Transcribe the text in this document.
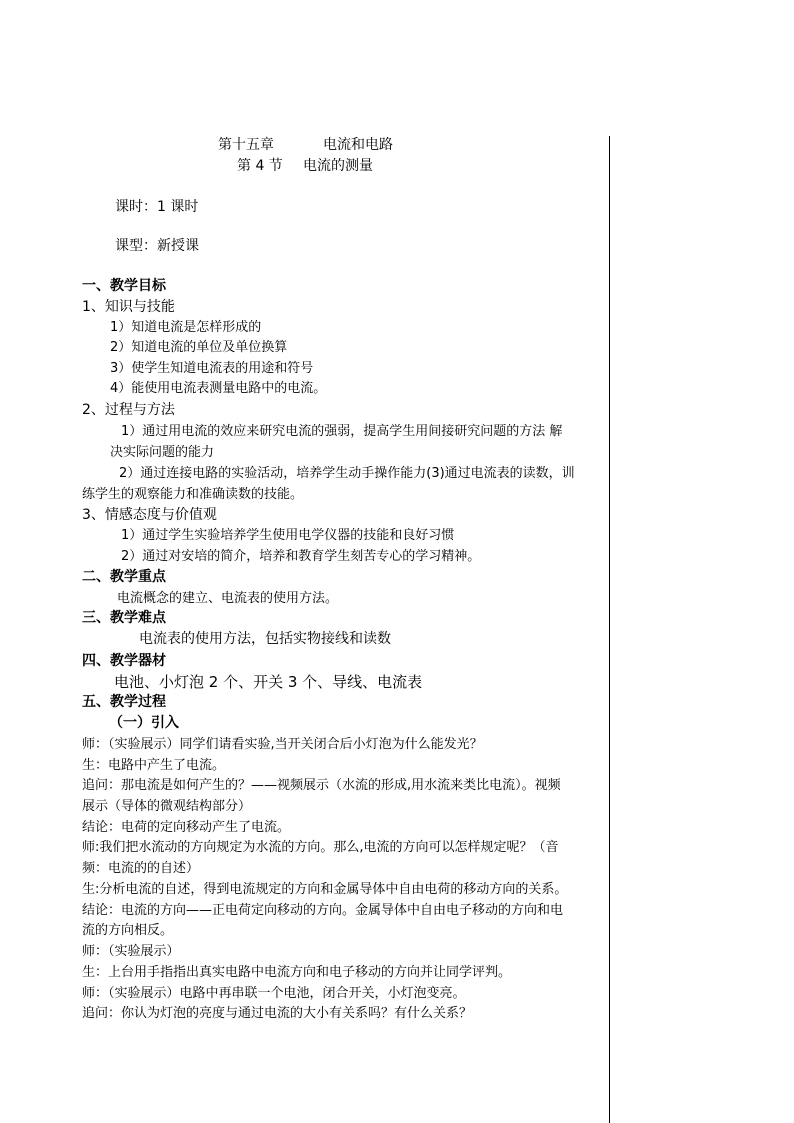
第十五章	电流和电路
第 4 节 电流的测量
课时：1 课时
课型：新授课
一、教学目标
1、知识与技能
1）知道电流是怎样形成的
2）知道电流的单位及单位换算
3）使学生知道电流表的用途和符号
4）能使用电流表测量电路中的电流。
2、过程与方法
1）通过用电流的效应来研究电流的强弱，提高学生用间接研究问题的方法 解
决实际问题的能力
2）通过连接电路的实验活动，培养学生动手操作能力(3)通过电流表的读数，训
练学生的观察能力和准确读数的技能。
3、情感态度与价值观
1）通过学生实验培养学生使用电学仪器的技能和良好习惯
2）通过对安培的简介，培养和教育学生刻苦专心的学习精神。
二、教学重点
电流概念的建立、电流表的使用方法。
三、教学难点
电流表的使用方法，包括实物接线和读数
四、教学器材
电池、小灯泡 2 个、开关 3 个、导线、电流表
五、教学过程
（一）引入
师：（实验展示）同学们请看实验,当开关闭合后小灯泡为什么能发光？
生：电路中产生了电流。
追问：那电流是如何产生的？——视频展示（水流的形成,用水流来类比电流）。视频
展示（导体的微观结构部分）
结论：电荷的定向移动产生了电流。
师:我们把水流动的方向规定为水流的方向。那么,电流的方向可以怎样规定呢？（音
频：电流的的自述）
生:分析电流的自述，得到电流规定的方向和金属导体中自由电荷的移动方向的关系。
结论：电流的方向——正电荷定向移动的方向。金属导体中自由电子移动的方向和电
流的方向相反。
师：（实验展示）
生：上台用手指指出真实电路中电流方向和电子移动的方向并让同学评判。
师：（实验展示）电路中再串联一个电池，闭合开关，小灯泡变亮。
追问：你认为灯泡的亮度与通过电流的大小有关系吗？有什么关系？
